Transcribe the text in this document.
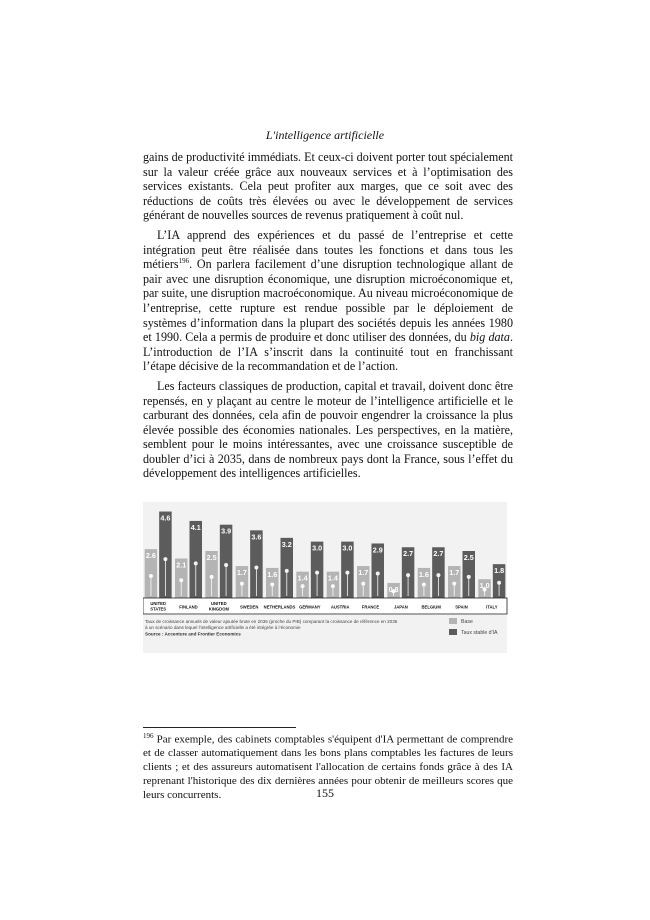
L'intelligence artificielle

gains de productivité immédiats. Et ceux-ci doivent porter tout spécialement sur la valeur créée grâce aux nouveaux services et à l’optimisation des services existants. Cela peut profiter aux marges, que ce soit avec des réductions de coûts très élevées ou avec le développement de services générant de nouvelles sources de revenus pratiquement à coût nul.

L’IA apprend des expériences et du passé de l’entreprise et cette intégration peut être réalisée dans toutes les fonctions et dans tous les métiers$^{196}$. On parlera facilement d’une disruption technologique allant de pair avec une disruption économique, une disruption microéconomique et, par suite, une disruption macroéconomique. Au niveau microéconomique de l’entreprise, cette rupture est rendue possible par le déploiement de systèmes d’information dans la plupart des sociétés depuis les années 1980 et 1990. Cela a permis de produire et donc utiliser des données, du big data. L’introduction de l’IA s’inscrit dans la continuité tout en franchissant l’étape décisive de la recommandation et de l’action.

Les facteurs classiques de production, capital et travail, doivent donc être repensés, en y plaçant au centre le moteur de l’intelligence artificielle et le carburant des données, cela afin de pouvoir engendrer la croissance la plus élevée possible des économies nationales. Les perspectives, en la matière, semblent pour le moins intéressantes, avec une croissance susceptible de doubler d’ici à 2035, dans de nombreux pays dont la France, sous l’effet du développement des intelligences artificielles.

2.6
4.6
2.1
4.1
2.5
3.9
1.7
3.6
1.6
3.2
1.4
3.0
1.4
3.0
1.7
2.9
0.8
2.7
1.6
2.7
1.7
2.5
1.0
1.8
UNITED
STATES	FINLAND
UNITED
KINGDOM	SWEDEN NETHERLANDS GERMANY AUSTRIA	FRANCE	JAPAN	BELGIUM	SPAIN	ITALY
Taux de croissance annuels de valeur ajoutée brute en 2035 (proche du PIB) comparant la croissance de référence en 2035
à un scénario dans lequel l’intelligence artificielle a été intégrée à l’économie
Source : Accenture and Frontier Economics
Base
Taux stable d'IA
$^{196}$ Par exemple, des cabinets comptables s'équipent d'IA permettant de comprendre et de classer automatiquement dans les bons plans comptables les factures de leurs clients ; et des assureurs automatisent l'allocation de certains fonds grâce à des IA reprenant l'historique des dix dernières années pour obtenir de meilleurs scores que leurs concurrents.	155
